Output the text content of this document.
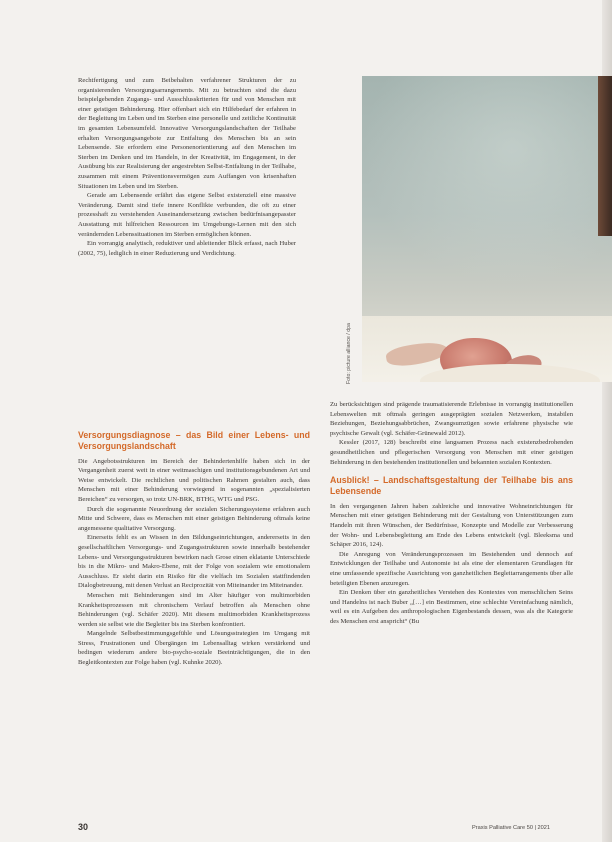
Rechtfertigung und zum Beibehalten verfahrener Strukturen der zu organisierenden Versorgungsarrangements. Mit zu betrachten sind die dazu beispielgebenden Zugangs- und Ausschlusskriterien für und von Menschen mit einer geistigen Behinderung. Hier offenbart sich ein Hilfebedarf der erfahren in der Begleitung im Leben und im Sterben eine personelle und zeitliche Kontinuität im gesamten Lebensumfeld. Innovative Versorgungslandschaften der Teilhabe erhalten Versorgungsangebote zur Entfaltung des Menschen bis an sein Lebensende. Sie erfordern eine Personenorientierung auf den Menschen im Sterben im Denken und im Handeln, in der Kreativität, im Engagement, in der Ausübung bis zur Realisierung der angestrebten Selbst-Entfaltung in der Teilhabe, zusammen mit einem Präventionsvermögen zum Auffangen von krisenhaften Situationen im Leben und im Sterben.

Gerade am Lebensende erfährt das eigene Selbst existenziell eine massive Veränderung. Damit sind tiefe innere Konflikte verbunden, die oft zu einer prozesshaft zu verstehenden Auseinandersetzung zwischen bedürfnisangepasster Ausstattung mit hilfreichen Ressourcen im Umgebungs-Lernen mit den sich verändernden Lebenssituationen im Sterben ermöglichen können.

Ein vorrangig analytisch, reduktiver und ableitender Blick erfasst, nach Huber (2002, 75), lediglich in einer Reduzierung und Verdichtung.

Foto: picture alliance / dpa
Versorgungsdiagnose – das Bild einer Lebens- und Versorgungslandschaft

Die Angebotsstrukturen im Bereich der Behindertenhilfe haben sich in der Vergangenheit zuerst weit in einer weitmaschigen und institutionsgebundenen Art und Weise entwickelt. Die rechtlichen und politischen Rahmen gestalten auch, dass Menschen mit einer Behinderung vorwiegend in sogenannten „spezialisierten Bereichen“ zu versorgen, so trotz UN-BRK, BTHG, WTG und PSG.

Durch die sogenannte Neuordnung der sozialen Sicherungssysteme erfahren auch Mitte und Schwere, dass es Menschen mit einer geistigen Behinderung oftmals keine angemessene qualitative Versorgung.

Einerseits fehlt es an Wissen in den Bildungseinrichtungen, andererseits in den gesellschaftlichen Versorgungs- und Zugangsstrukturen sowie innerhalb bestehender Lebens- und Versorgungsstrukturen bewirken nach Grose einen eklatante Unterschiede bis in die Mikro- und Makro-Ebene, mit der Folge von sozialem wie emotionalem Ausschluss. Er sieht darin ein Risiko für die vielfach im Sozialen stattfindenden Dialogbetreuung, mit denen Verlust an Reciprozität von Miteinander im Miteinander.

Menschen mit Behinderungen sind im Alter häufiger von multimorbiden Krankheitsprozessen mit chronischem Verlauf betroffen als Menschen ohne Behinderungen (vgl. Schäfer 2020). Mit diesem multimorbiden Krankheitsprozess werden sie selbst wie die Begleiter bis ins Sterben konfrontiert.

Mangelnde Selbstbestimmungsgefühle und Lösungsstrategien im Umgang mit Stress, Frustrationen und Übergängen im Lebensalltag wirken verstärkend und bedingen wiederum andere bio-psycho-soziale Beeinträchtigungen, die in den Begleitkontexten zur Folge haben (vgl. Kuhnke 2020).

Zu berücksichtigen sind prägende traumatisierende Erlebnisse in vorrangig institutionellen Lebenswelten mit oftmals geringen ausgeprägten sozialen Netzwerken, instabilen Beziehungen, Beziehungsabbrüchen, Zwangsumzügen sowie erfahrene physische wie psychische Gewalt (vgl. Schäfer-Grünewald 2012).

Kessler (2017, 128) beschreibt eine langsamen Prozess nach existenzbedrohenden gesundheitlichen und pflegerischen Versorgung von Menschen mit einer geistigen Behinderung in den bestehenden institutionellen und bekannten sozialen Kontexten.

Ausblick! – Landschaftsgestaltung der Teilhabe bis ans Lebensende

In den vergangenen Jahren haben zahlreiche und innovative Wohneinrichtungen für Menschen mit einer geistigen Behinderung mit der Gestaltung von Unterstützungen zum Handeln mit ihren Wünschen, der Bedürfnisse, Konzepte und Modelle zur Verbesserung der Wohn- und Lebensbegleitung am Ende des Lebens entwickelt (vgl. Bleeksma und Schäper 2016, 124).

Die Anregung von Veränderungsprozessen im Bestehenden und dennoch auf Entwicklungen der Teilhabe und Autonomie ist als eine der elementaren Grundlagen für eine umfassende spezifische Ausrichtung von ganzheitlichen Begleitarrangements über alle beteiligten Ebenen anzuregen.

Ein Denken über ein ganzheitliches Verstehen des Kontextes von menschlichen Seins und Handelns ist nach Buber „[…] ein Bestimmen, eine schlechte Vereinfachung nämlich, weil es ein Aufgeben des anthropologischen Eigenbestands dessen, was als die Kategorie des Menschen erst anspricht“ (Bu

30	Praxis Palliative Care 50 | 2021
